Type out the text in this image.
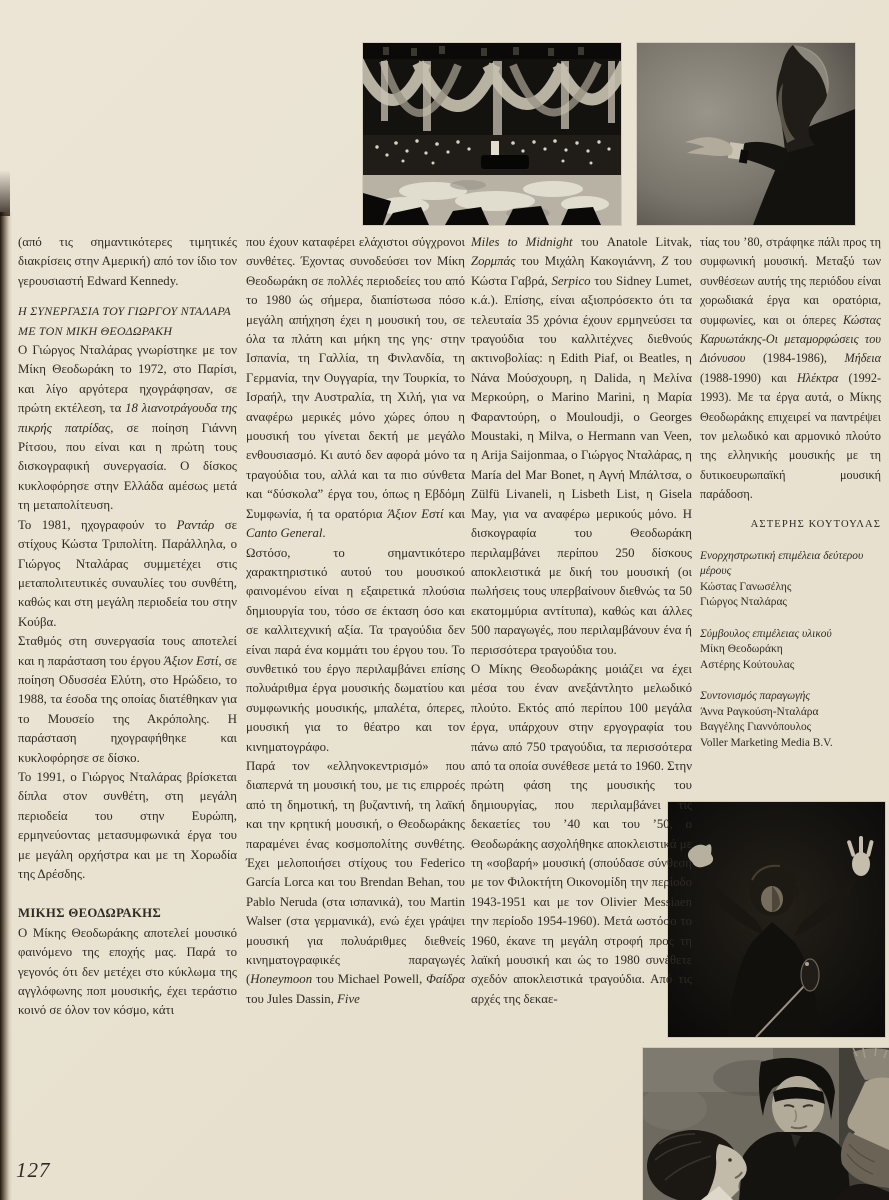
(από τις σημαντικότερες τιμητικές διακρίσεις στην Αμερική) από τον ίδιο τον γερουσιαστή Edward Kennedy.

Η ΣΥΝΕΡΓΑΣΙΑ ΤΟΥ ΓΙΩΡΓΟΥ ΝΤΑΛΑΡΑ ΜΕ ΤΟΝ ΜΙΚΗ ΘΕΟΔΩΡΑΚΗ

Ο Γιώργος Νταλάρας γνωρίστηκε με τον Μίκη Θεοδωράκη το 1972, στο Παρίσι, και λίγο αργότερα ηχογράφησαν, σε πρώτη εκτέλεση, τα 18 λιανοτράγουδα της πικρής πατρίδας, σε ποίηση Γιάννη Ρίτσου, που είναι και η πρώτη τους δισκογραφική συνεργασία. Ο δίσκος κυκλοφόρησε στην Ελλάδα αμέσως μετά τη μεταπολίτευση.

Το 1981, ηχογραφούν το Ραντάρ σε στίχους Κώστα Τριπολίτη. Παράλληλα, ο Γιώργος Νταλάρας συμμετέχει στις μεταπολιτευτικές συναυλίες του συνθέτη, καθώς και στη μεγάλη περιοδεία του στην Κούβα.

Σταθμός στη συνεργασία τους αποτελεί και η παράσταση του έργου Άξιον Εστί, σε ποίηση Οδυσσέα Ελύτη, στο Ηρώδειο, το 1988, τα έσοδα της οποίας διατέθηκαν για το Μουσείο της Ακρόπολης. Η παράσταση ηχογραφήθηκε και κυκλοφόρησε σε δίσκο.

Το 1991, ο Γιώργος Νταλάρας βρίσκεται δίπλα στον συνθέτη, στη μεγάλη περιοδεία του στην Ευρώπη, ερμηνεύοντας μετασυμφωνικά έργα του με μεγάλη ορχήστρα και με τη Χορωδία της Δρέσδης.

ΜΙΚΗΣ ΘΕΟΔΩΡΑΚΗΣ

Ο Μίκης Θεοδωράκης αποτελεί μουσικό φαινόμενο της εποχής μας. Παρά το γεγονός ότι δεν μετέχει στο κύκλωμα της αγγλόφωνης ποπ μουσικής, έχει τεράστιο κοινό σε όλον τον κόσμο, κάτι

που έχουν καταφέρει ελάχιστοι σύγχρονοι συνθέτες. Έχοντας συνοδεύσει τον Μίκη Θεοδωράκη σε πολλές περιοδείες του από το 1980 ώς σήμερα, διαπίστωσα πόσο μεγάλη απήχηση έχει η μουσική του, σε όλα τα πλάτη και μήκη της γης· στην Ισπανία, τη Γαλλία, τη Φινλανδία, τη Γερμανία, την Ουγγαρία, την Τουρκία, το Ισραήλ, την Αυστραλία, τη Χιλή, για να αναφέρω μερικές μόνο χώρες όπου η μουσική του γίνεται δεκτή με μεγάλο ενθουσιασμό. Κι αυτό δεν αφορά μόνο τα τραγούδια του, αλλά και τα πιο σύνθετα και “δύσκολα” έργα του, όπως η Εβδόμη Συμφωνία, ή τα ορατόρια Άξιον Εστί και Canto General.

Ωστόσο, το σημαντικότερο χαρακτηριστικό αυτού του μουσικού φαινομένου είναι η εξαιρετικά πλούσια δημιουργία του, τόσο σε έκταση όσο και σε καλλιτεχνική αξία. Τα τραγούδια δεν είναι παρά ένα κομμάτι του έργου του. Το συνθετικό του έργο περιλαμβάνει επίσης πολυάριθμα έργα μουσικής δωματίου και συμφωνικής μουσικής, μπαλέτα, όπερες, μουσική για το θέατρο και τον κινηματογράφο.

Παρά τον «ελληνοκεντρισμό» που διαπερνά τη μουσική του, με τις επιρροές από τη δημοτική, τη βυζαντινή, τη λαϊκή και την κρητική μουσική, ο Θεοδωράκης παραμένει ένας κοσμοπολίτης συνθέτης. Έχει μελοποιήσει στίχους του Federico García Lorca και του Brendan Behan, του Pablo Neruda (στα ισπανικά), του Martin Walser (στα γερμανικά), ενώ έχει γράψει μουσική για πολυάριθμες διεθνείς κινηματογραφικές παραγωγές (Honeymoon του Michael Powell, Φαίδρα του Jules Dassin, Five

Miles to Midnight του Anatole Litvak, Ζορμπάς του Μιχάλη Κακογιάννη, Ζ του Κώστα Γαβρά, Serpico του Sidney Lumet, κ.ά.). Επίσης, είναι αξιοπρόσεκτο ότι τα τελευταία 35 χρόνια έχουν ερμηνεύσει τα τραγούδια του καλλιτέχνες διεθνούς ακτινοβολίας: η Edith Piaf, οι Beatles, η Νάνα Μούσχουρη, η Dalida, η Μελίνα Μερκούρη, ο Marino Marini, η Μαρία Φαραντούρη, ο Mouloudji, ο Georges Moustaki, η Milva, ο Hermann van Veen, η Arija Saijonmaa, ο Γιώργος Νταλάρας, η María del Mar Bonet, η Αγνή Μπάλτσα, ο Zülfü Livaneli, η Lisbeth List, η Gisela May, για να αναφέρω μερικούς μόνο. Η δισκογραφία του Θεοδωράκη περιλαμβάνει περίπου 250 δίσκους αποκλειστικά με δική του μουσική (οι πωλήσεις τους υπερβαίνουν διεθνώς τα 50 εκατομμύρια αντίτυπα), καθώς και άλλες 500 παραγωγές, που περιλαμβάνουν ένα ή περισσότερα τραγούδια του.

Ο Μίκης Θεοδωράκης μοιάζει να έχει μέσα του έναν ανεξάντλητο μελωδικό πλούτο. Εκτός από περίπου 100 μεγάλα έργα, υπάρχουν στην εργογραφία του πάνω από 750 τραγούδια, τα περισσότερα από τα οποία συνέθεσε μετά το 1960. Στην πρώτη φάση της μουσικής του δημιουργίας, που περιλαμβάνει τις δεκαετίες του ’40 και του ’50, ο Θεοδωράκης ασχολήθηκε αποκλειστικά με τη «σοβαρή» μουσική (σπούδασε σύνθεση με τον Φιλοκτήτη Οικονομίδη την περίοδο 1943-1951 και με τον Olivier Messiaen την περίοδο 1954-1960). Μετά ωστόσο το 1960, έκανε τη μεγάλη στροφή προς τη λαϊκή μουσική και ώς το 1980 συνέθετε σχεδόν αποκλειστικά τραγούδια. Από τις αρχές της δεκαε-

τίας του ’80, στράφηκε πάλι προς τη συμφωνική μουσική. Μεταξύ των συνθέσεων αυτής της περιόδου είναι χορωδιακά έργα και ορατόρια, συμφωνίες, και οι όπερες Κώστας Καρυωτάκης-Οι μεταμορφώσεις του Διόνυσου (1984-1986), Μήδεια (1988-1990) και Ηλέκτρα (1992-1993). Με τα έργα αυτά, ο Μίκης Θεοδωράκης επιχειρεί να παντρέψει τον μελωδικό και αρμονικό πλούτο της ελληνικής μουσικής με τη δυτικοευρωπαϊκή μουσική παράδοση.

ΑΣΤΕΡΗΣ ΚΟΥΤΟΥΛΑΣ
Ενορχηστρωτική επιμέλεια δεύτερου μέρους
Κώστας Γανωσέλης
Γιώργος Νταλάρας
Σύμβουλος επιμέλειας υλικού
Μίκη Θεοδωράκη
Αστέρης Κούτουλας
Συντονισμός παραγωγής
Άννα Ραγκούση-Νταλάρα
Βαγγέλης Γιαννόπουλος
Voller Marketing Media B.V.
127
